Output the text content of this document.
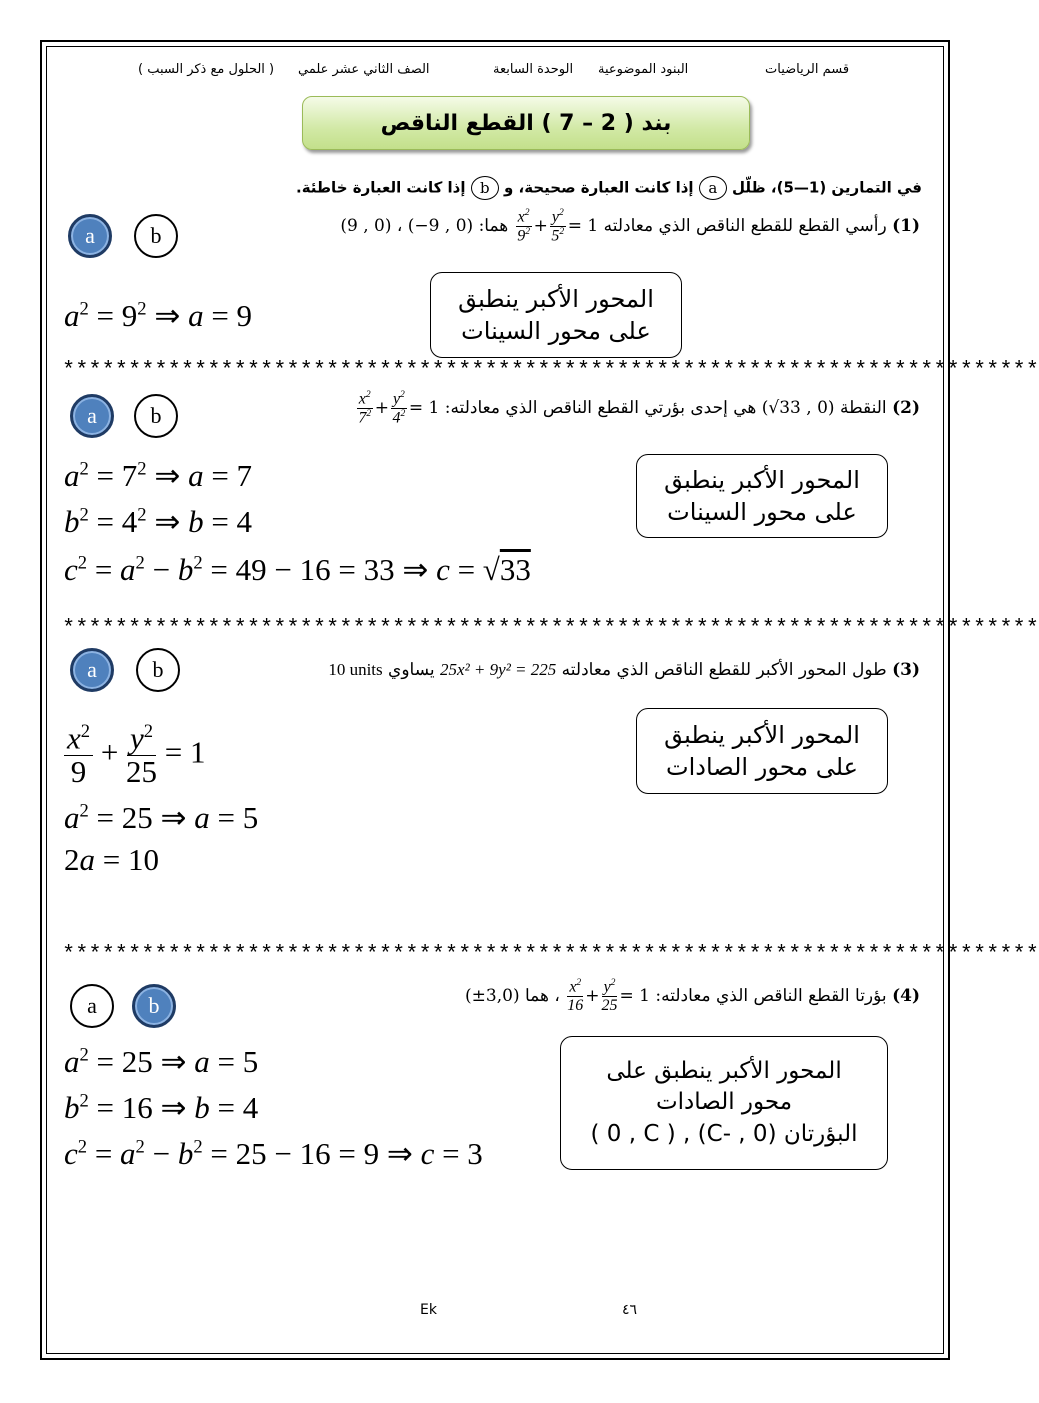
قسم الرياضيات
البنود الموضوعية
الوحدة السابعة
الصف الثاني عشر علمي
( الحلول مع ذكر السبب )
بند ( 2 – 7 ) القطع الناقص
في التمارين (1—5)، ظلّل a إذا كانت العبارة صحيحة، و b إذا كانت العبارة خاطئة.
a	b	(1) رأسي القطع للقطع الناقص الذي معادلته
$\frac{x^2}{9^2} + \frac{y^2}{5^2} = 1$ هما: (9 , 0) ، (−9 , 0)
$a^2 = 9^2$ ⇒ a = 9	المحور الأكبر ينطبق
على محور السينات
**************************************************************************
a	b	(2) النقطة (√33 , 0) هي إحدى بؤرتي القطع الناقص الذي معادلته:
$\frac{x^2}{7^2} + \frac{y^2}{4^2} = 1$
$a^2 = 7^2$ ⇒ a = 7
$b^2 = 4^2$ ⇒ b = 4
$c^2 = a^2 - b^2 = 49 - 16 = 33$ ⇒ c = √33
المحور الأكبر ينطبق
على محور السينات
**************************************************************************
a	b	(3) طول المحور الأكبر للقطع الناقص الذي معادلته 25x² + 9y² = 225 يساوي 10 units
$\frac{x^2}{9} + \frac{y^2}{25} = 1$
$a^2 = 25$ ⇒ a = 5
2a = 10
المحور الأكبر ينطبق
على محور الصادات
**************************************************************************
a	b	(4) بؤرتا القطع الناقص الذي معادلته:
$\frac{x^2}{16} + \frac{y^2}{25} = 1$ ، هما (±3,0)
$a^2 = 25$ ⇒ a = 5
$b^2 = 16$ ⇒ b = 4
$c^2 = a^2 - b^2 = 25 - 16 = 9$ ⇒ c = 3
المحور الأكبر ينطبق على
محور الصادات
البؤرتان (C- , 0) , ( 0 , C )
Ek	٤٦
